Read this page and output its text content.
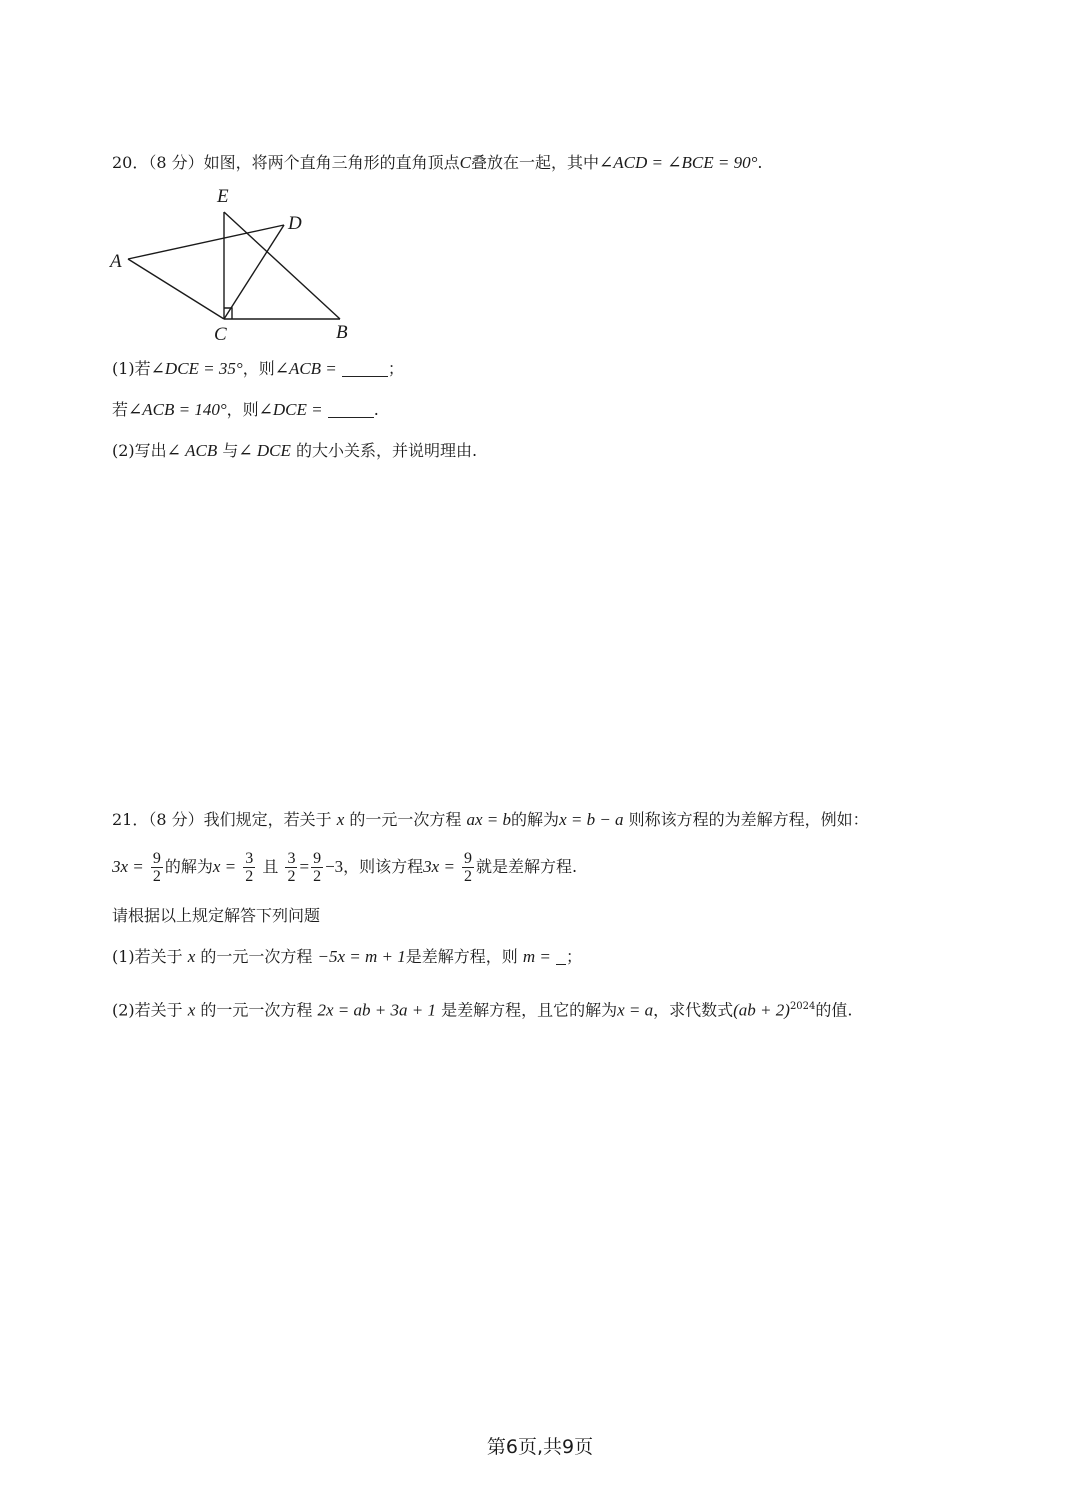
20．（8 分）如图，将两个直角三角形的直角顶点C叠放在一起，其中∠ACD = ∠BCE = 90°.
E
D
A
C	B
(1)若∠DCE = 35°，则∠ACB =	；
若∠ACB = 140°，则∠DCE =	.
(2)写出∠ ACB 与∠ DCE 的大小关系，并说明理由.
21．（8 分）我们规定，若关于 x 的一元一次方程 ax = b的解为x = b − a 则称该方程的为差解方程，例如：
$3x = \frac{9}{2}$ 的解为$x = \frac{3}{2}$ 且 $\frac{3}{2} = \frac{9}{2} -3$，则该方程$3x = \frac{9}{2}$ 就是差解方程.
请根据以上规定解答下列问题
(1)若关于 x 的一元一次方程 −5x = m + 1是差解方程，则 m = ；
(2)若关于 x 的一元一次方程 2x = ab + 3a + 1 是差解方程，且它的解为x = a，求代数式(ab + 2)$^{2024}$的值.
第6页,共9页
